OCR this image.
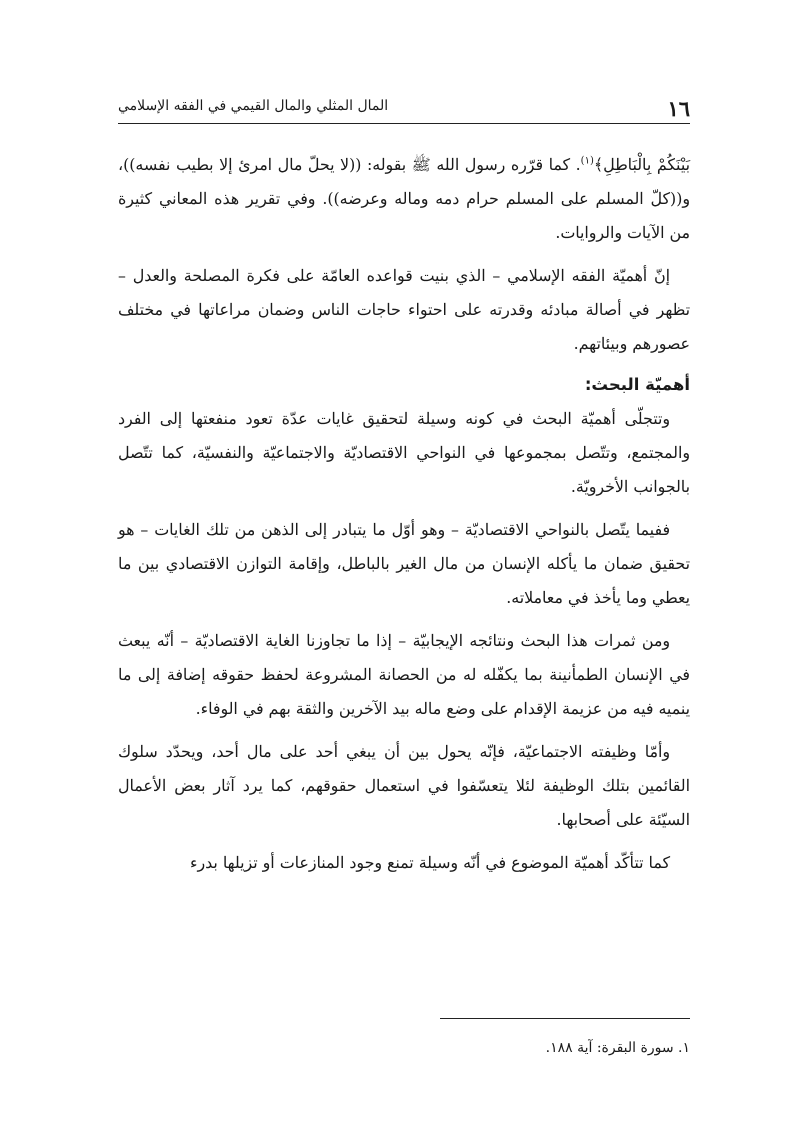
١٦
المال المثلي والمال القيمي في الفقه الإسلامي

بَيْنَكُمْ بِالْبَاطِلِ﴾$^{(١)}$. كما قرّره رسول الله ﷺ بقوله: ((لا يحلّ مال امرئ إلا بطيب نفسه))، و((كلّ المسلم على المسلم حرام دمه وماله وعرضه)). وفي تقرير هذه المعاني كثيرة من الآيات والروايات.

إنّ أهميّة الفقه الإسلامي – الذي بنيت قواعده العامّة على فكرة المصلحة والعدل – تظهر في أصالة مبادئه وقدرته على احتواء حاجات الناس وضمان مراعاتها في مختلف عصورهم وبيئاتهم.

أهميّة البحث:

وتتجلّى أهميّة البحث في كونه وسيلة لتحقيق غايات عدّة تعود منفعتها إلى الفرد والمجتمع، وتتّصل بمجموعها في النواحي الاقتصاديّة والاجتماعيّة والنفسيّة، كما تتّصل بالجوانب الأخرويّة.

ففيما يتّصل بالنواحي الاقتصاديّة – وهو أوّل ما يتبادر إلى الذهن من تلك الغايات – هو تحقيق ضمان ما يأكله الإنسان من مال الغير بالباطل، وإقامة التوازن الاقتصادي بين ما يعطي وما يأخذ في معاملاته.

ومن ثمرات هذا البحث ونتائجه الإيجابيّة – إذا ما تجاوزنا الغاية الاقتصاديّة – أنّه يبعث في الإنسان الطمأنينة بما يكفّله له من الحصانة المشروعة لحفظ حقوقه إضافة إلى ما ينميه فيه من عزيمة الإقدام على وضع ماله بيد الآخرين والثقة بهم في الوفاء.

وأمّا وظيفته الاجتماعيّة، فإنّه يحول بين أن يبغي أحد على مال أحد، ويحدّد سلوك القائمين بتلك الوظيفة لئلا يتعسّفوا في استعمال حقوقهم، كما يرد آثار بعض الأعمال السيّئة على أصحابها.

كما تتأكّد أهميّة الموضوع في أنّه وسيلة تمنع وجود المنازعات أو تزيلها بدرء

١. سورة البقرة: آية ١٨٨.
